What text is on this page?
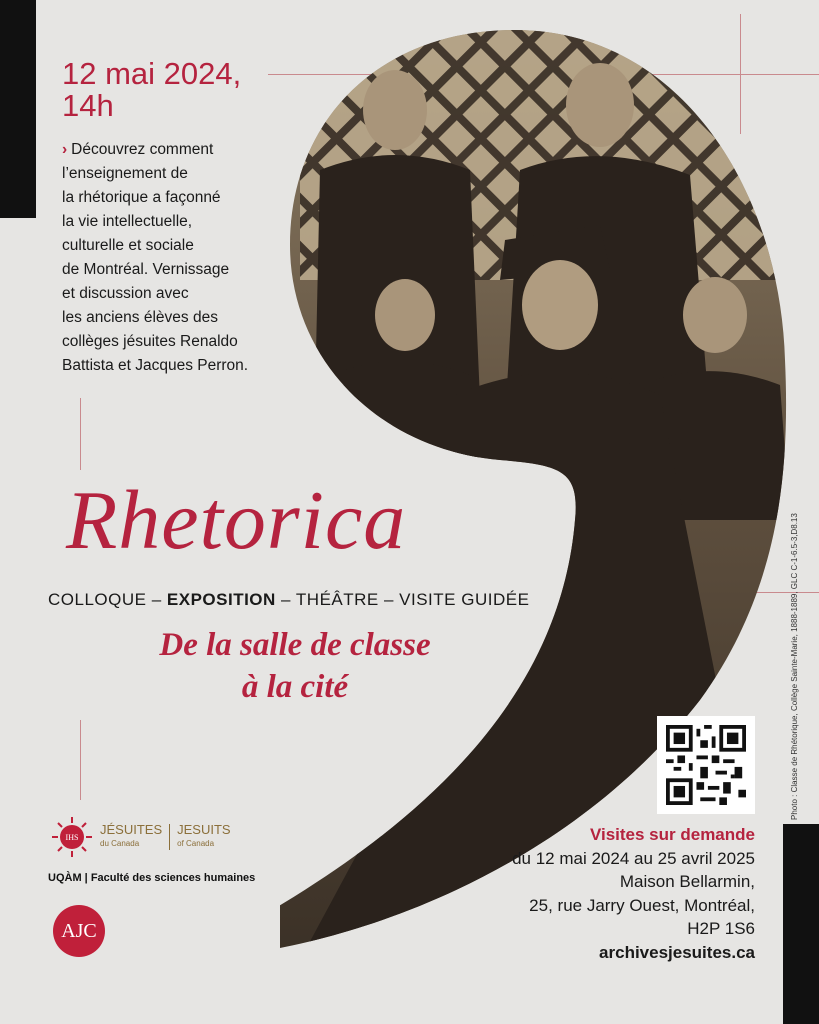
12 mai 2024,
14h
› Découvrez comment
l’enseignement de
la rhétorique a façonné
la vie intellectuelle,
culturelle et sociale
de Montréal. Vernissage
et discussion avec
les anciens élèves des
collèges jésuites Renaldo
Battista et Jacques Perron.
Rhetorica
COLLOQUE – EXPOSITION – THÉÂTRE – VISITE GUIDÉE
De la salle de classe
à la cité
Visites sur demande
du 12 mai 2024 au 25 avril 2025
Maison Bellarmin,
25, rue Jarry Ouest, Montréal,
H2P 1S6
archivesjesuites.ca
Photo : Classe de Rhétorique, Collège Sainte-Marie, 1888-1889, GLC C-1-6.5-3,D8.13
IHS
JÉSUITES
du Canada
JESUITS
of Canada
UQÀM | Faculté des sciences humaines
AJC
